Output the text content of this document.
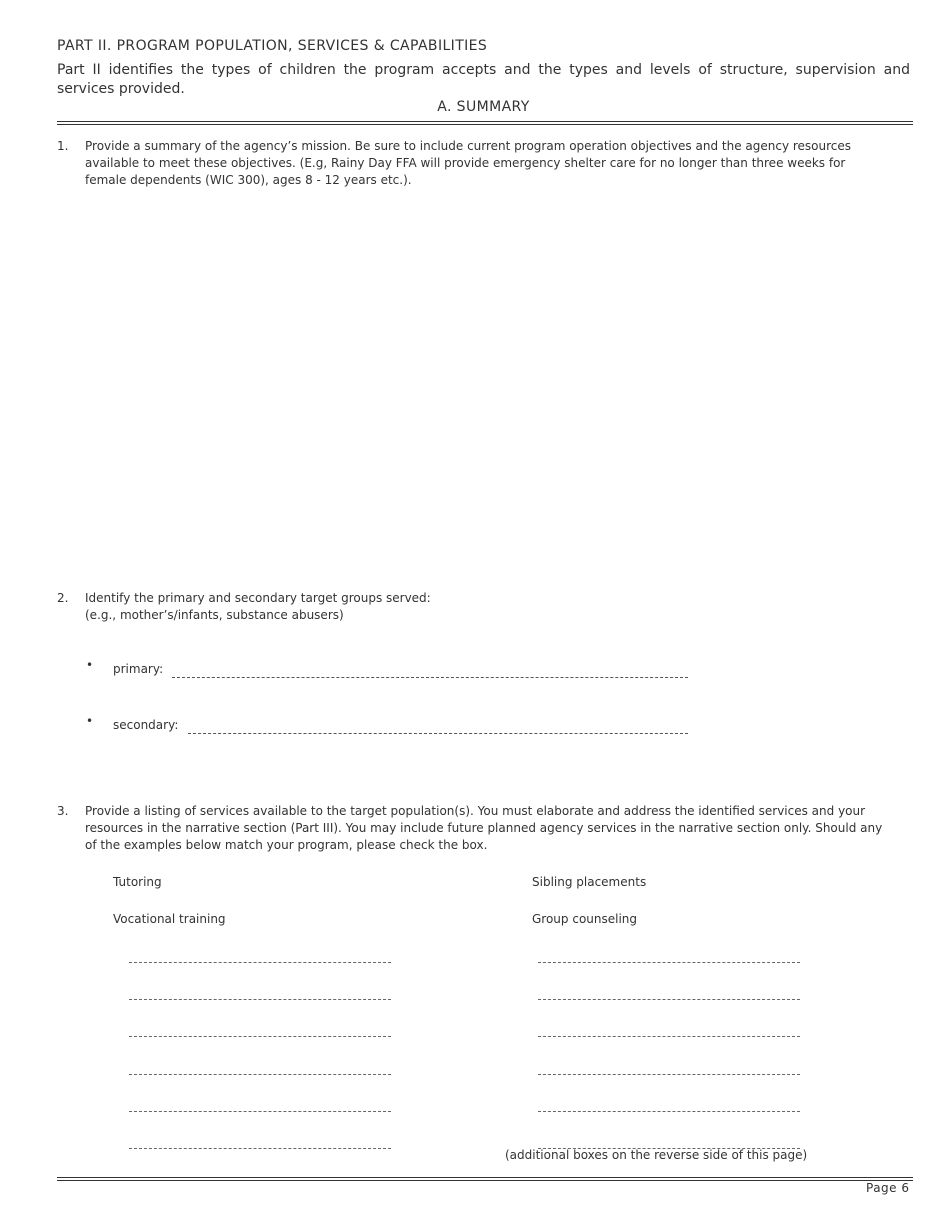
PART II. PROGRAM POPULATION, SERVICES & CAPABILITIES
Part II identifies the types of children the program accepts and the types and levels of structure, supervision and services provided.
A. SUMMARY
1. Provide a summary of the agency’s mission. Be sure to include current program operation objectives and the agency resources available to meet these objectives. (E.g, Rainy Day FFA will provide emergency shelter care for no longer than three weeks for female dependents (WIC 300), ages 8 - 12 years etc.).
2. Identify the primary and secondary target groups served:
(e.g., mother’s/infants, substance abusers)
• primary:
• secondary:
3. Provide a listing of services available to the target population(s). You must elaborate and address the identified services and your resources in the narrative section (Part III). You may include future planned agency services in the narrative section only. Should any of the examples below match your program, please check the box.
Tutoring
Vocational training
Sibling placements
Group counseling
(additional boxes on the reverse side of this page)
Page 6
